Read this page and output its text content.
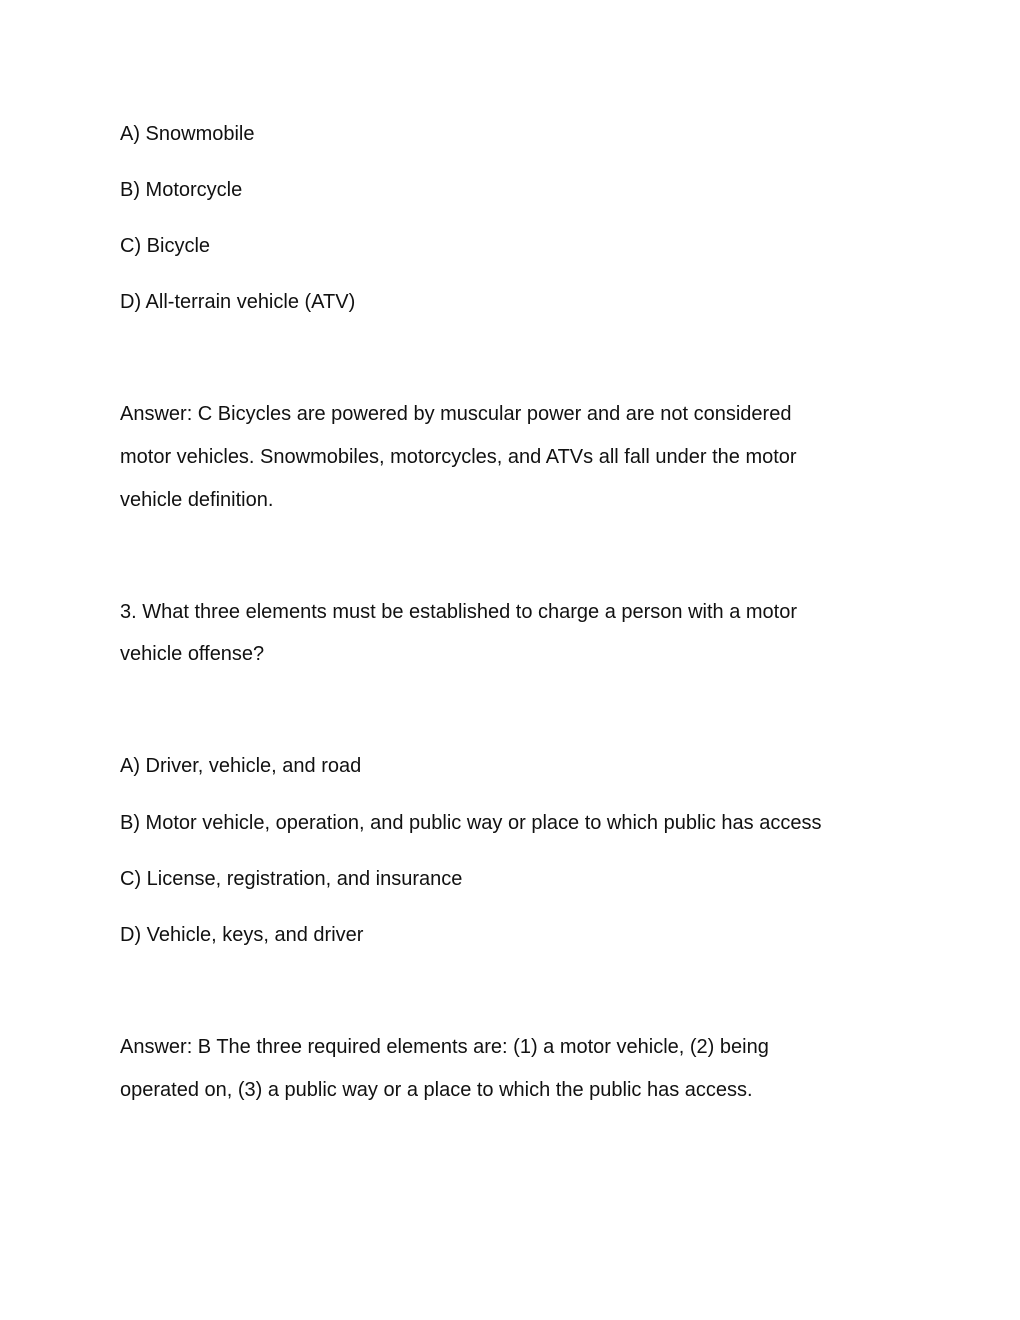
A) Snowmobile
B) Motorcycle
C) Bicycle
D) All-terrain vehicle (ATV)
Answer: C Bicycles are powered by muscular power and are not considered
motor vehicles. Snowmobiles, motorcycles, and ATVs all fall under the motor
vehicle definition.
3. What three elements must be established to charge a person with a motor
vehicle offense?
A) Driver, vehicle, and road
B) Motor vehicle, operation, and public way or place to which public has access
C) License, registration, and insurance
D) Vehicle, keys, and driver
Answer: B The three required elements are: (1) a motor vehicle, (2) being
operated on, (3) a public way or a place to which the public has access.
